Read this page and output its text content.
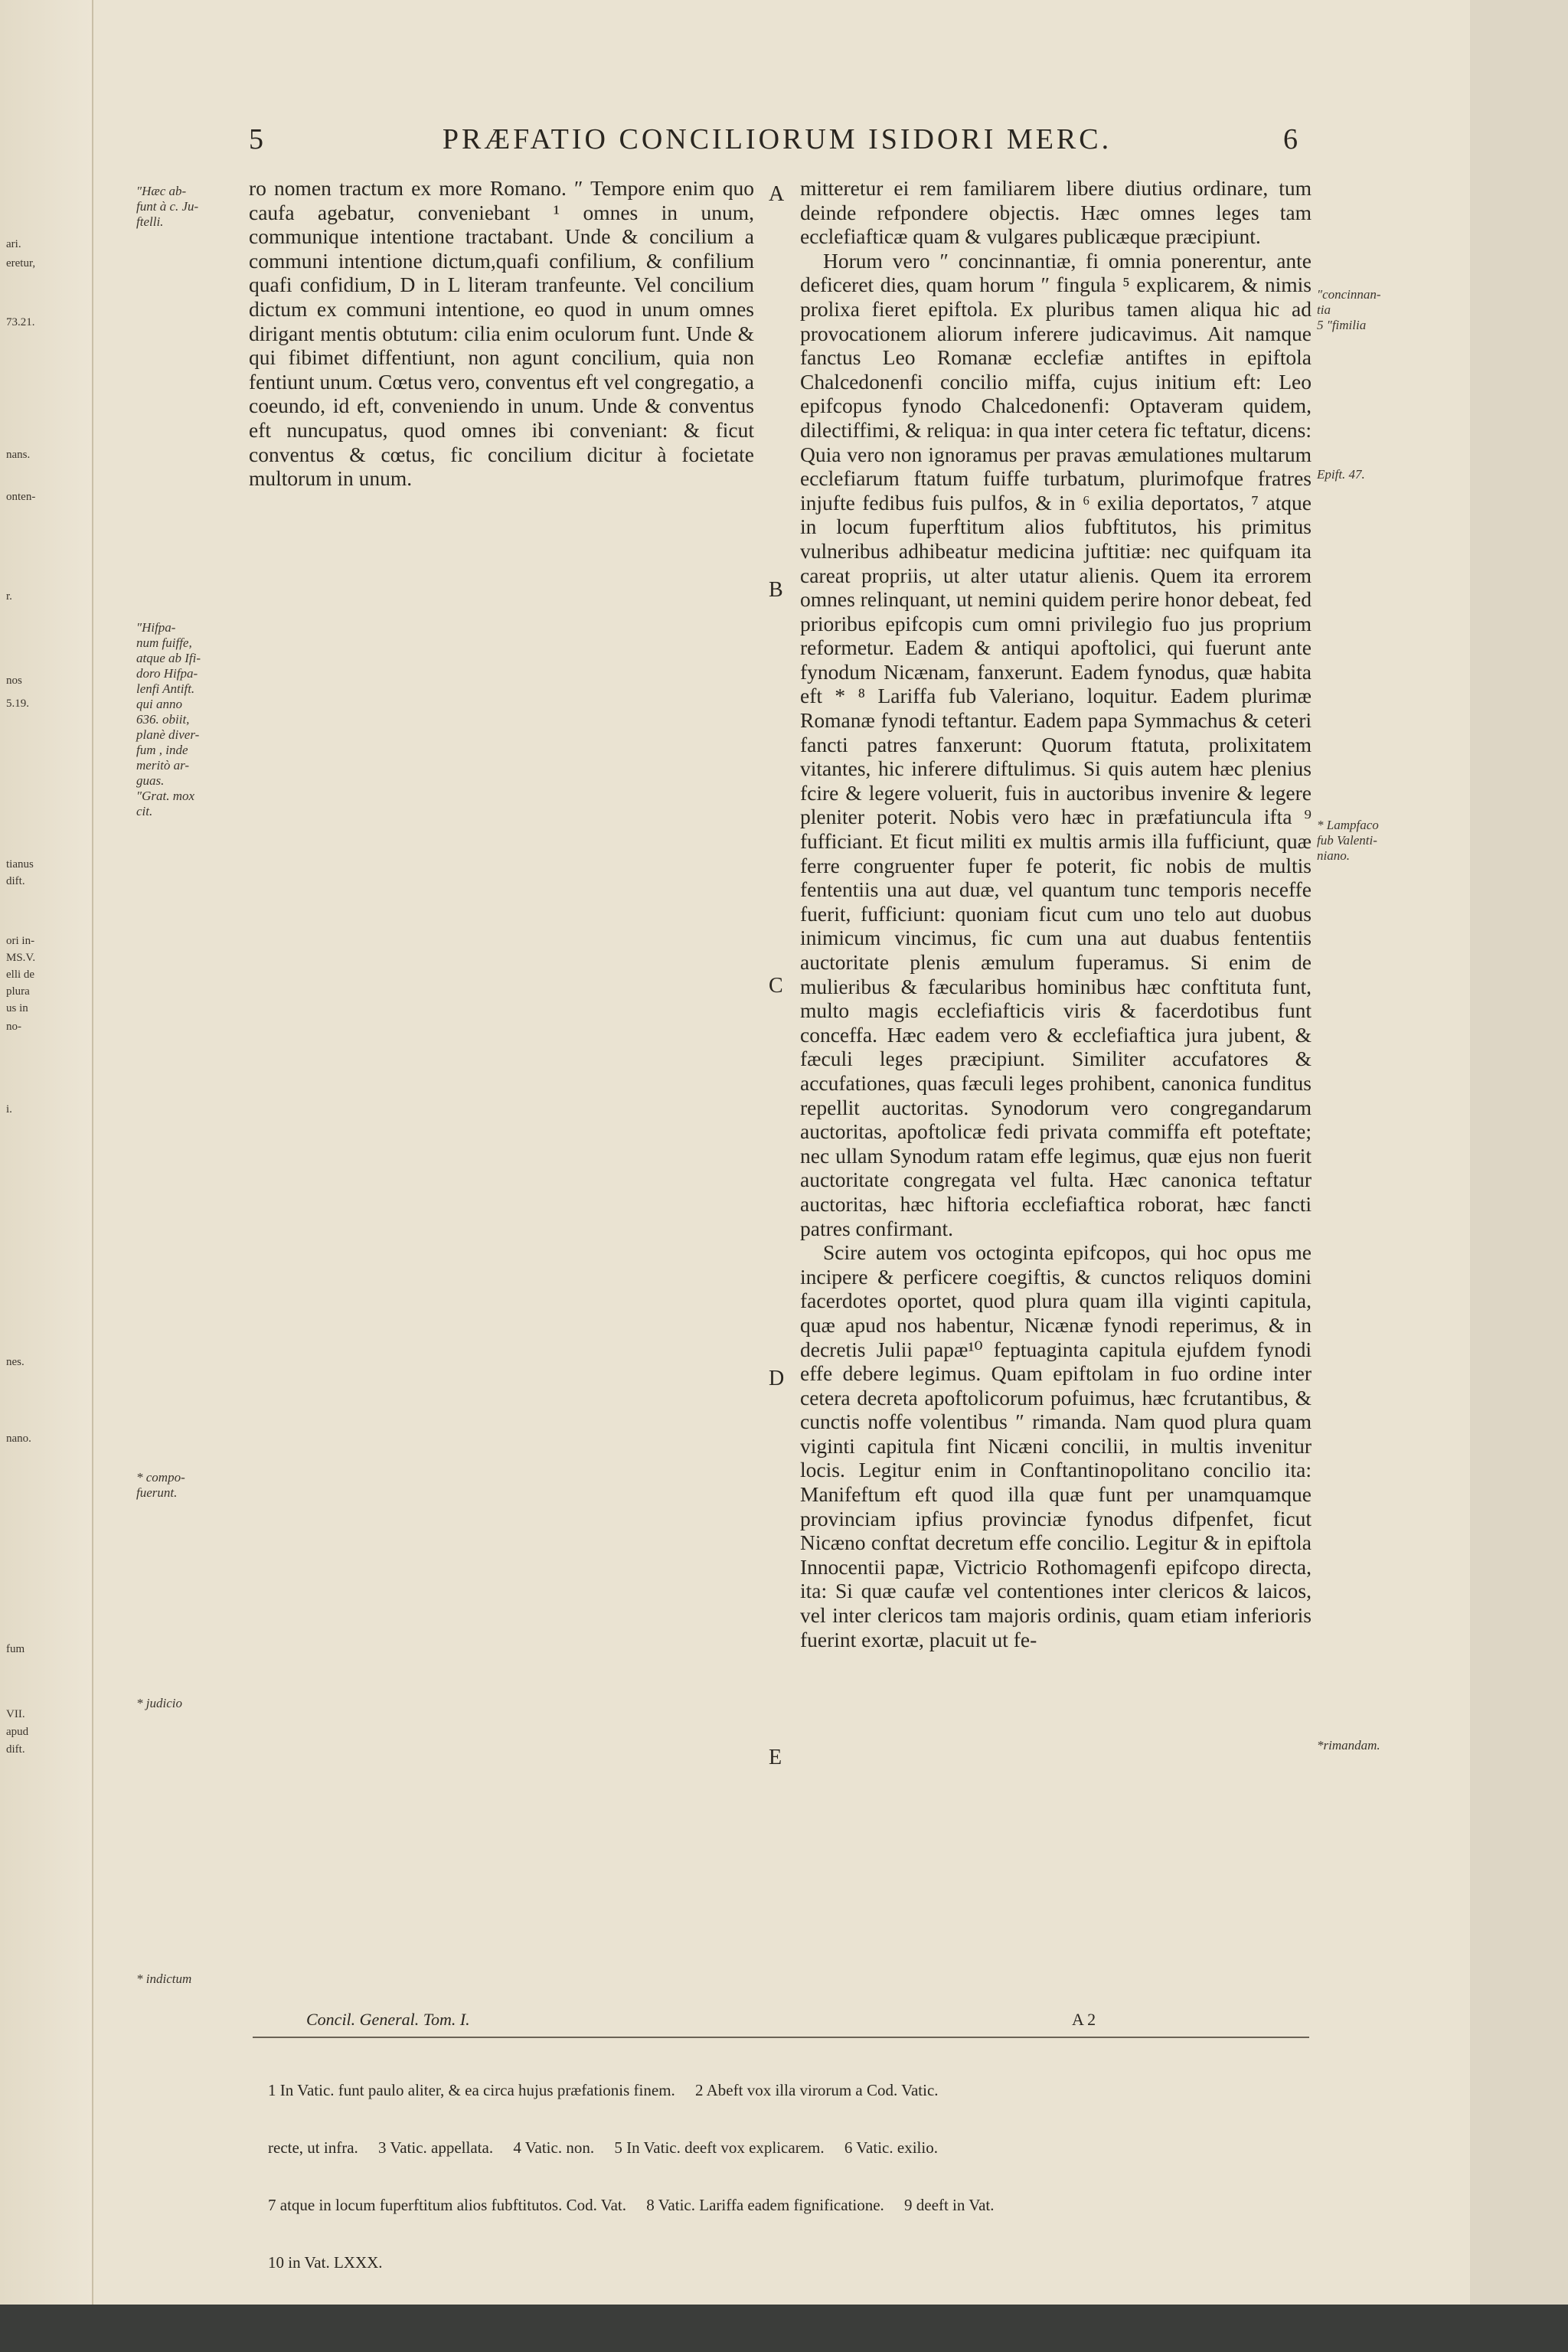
ari.
eretur,
73.21.
nans.
onten-
r.
nos
5.19.
tianus
dift.
ori in-
MS.V.
elli de
plura
us in
no-
i.
nes.
nano.
fum
VII.
apud
dift.
5	PRÆFATIO CONCILIORUM ISIDORI MERC.	6
″Hæc ab-
funt à c. Ju-
ftelli.
″Hifpa-
num fuiffe,
atque ab Ifi-
doro Hifpa-
lenfi Antift.
qui anno
636. obiit,
planè diver-
fum , inde
meritò ar-
guas.
″Grat. mox
cit.
* compo-
fuerunt.
* judicio
* indictum
″concinnan-
tia
5 ″fimilia
Epift. 47.
* Lampfaco
fub Valenti-
niano.
*rimandam.
A
B
C
D
E

ro nomen tractum ex more Romano. ″ Tempore enim quo caufa agebatur, conveniebant ¹ omnes in unum, communique intentione tractabant. Unde & concilium a communi intentione dictum,quafi confilium, & confilium quafi confidium, D in L literam tranfeunte. Vel concilium dictum ex communi intentione, eo quod in unum omnes dirigant mentis obtutum: cilia enim oculorum funt. Unde & qui fibimet diffentiunt, non agunt concilium, quia non fentiunt unum. Cœtus vero, conventus eft vel congregatio, a coeundo, id eft, conveniendo in unum. Unde & conventus eft nuncupatus, quod omnes ibi conveniant: & ficut conventus & cœtus, fic concilium dicitur à focietate multorum in unum.

mitteretur ei rem familiarem libere diutius ordinare, tum deinde refpondere objectis. Hæc omnes leges tam ecclefiafticæ quam & vulgares publicæque præcipiunt.

Horum vero ″ concinnantiæ, fi omnia ponerentur, ante deficeret dies, quam horum ″ fingula ⁵ explicarem, & nimis prolixa fieret epiftola. Ex pluribus tamen aliqua hic ad provocationem aliorum inferere judicavimus. Ait namque fanctus Leo Romanæ ecclefiæ antiftes in epiftola Chalcedonenfi concilio miffa, cujus initium eft: Leo epifcopus fynodo Chalcedonenfi: Optaveram quidem, dilectiffimi, & reliqua: in qua inter cetera fic teftatur, dicens: Quia vero non ignoramus per pravas æmulationes multarum ecclefiarum ftatum fuiffe turbatum, plurimofque fratres injufte fedibus fuis pulfos, & in ⁶ exilia deportatos, ⁷ atque in locum fuperftitum alios fubftitutos, his primitus vulneribus adhibeatur medicina juftitiæ: nec quifquam ita careat propriis, ut alter utatur alienis. Quem ita errorem omnes relinquant, ut nemini quidem perire honor debeat, fed prioribus epifcopis cum omni privilegio fuo jus proprium reformetur. Eadem & antiqui apoftolici, qui fuerunt ante fynodum Nicænam, fanxerunt. Eadem fynodus, quæ habita eft * ⁸ Lariffa fub Valeriano, loquitur. Eadem plurimæ Romanæ fynodi teftantur. Eadem papa Symmachus & ceteri fancti patres fanxerunt: Quorum ftatuta, prolixitatem vitantes, hic inferere diftulimus. Si quis autem hæc plenius fcire & legere voluerit, fuis in auctoribus invenire & legere pleniter poterit. Nobis vero hæc in præfatiuncula ifta ⁹ fufficiant. Et ficut militi ex multis armis illa fufficiunt, quæ ferre congruenter fuper fe poterit, fic nobis de multis fententiis una aut duæ, vel quantum tunc temporis neceffe fuerit, fufficiunt: quoniam ficut cum uno telo aut duobus inimicum vincimus, fic cum una aut duabus fententiis auctoritate plenis æmulum fuperamus. Si enim de mulieribus & fæcularibus hominibus hæc conftituta funt, multo magis ecclefiafticis viris & facerdotibus funt conceffa. Hæc eadem vero & ecclefiaftica jura jubent, & fæculi leges præcipiunt. Similiter accufatores & accufationes, quas fæculi leges prohibent, canonica funditus repellit auctoritas. Synodorum vero congregandarum auctoritas, apoftolicæ fedi privata commiffa eft poteftate; nec ullam Synodum ratam effe legimus, quæ ejus non fuerit auctoritate congregata vel fulta. Hæc canonica teftatur auctoritas, hæc hiftoria ecclefiaftica roborat, hæc fancti patres confirmant.

Scire autem vos octoginta epifcopos, qui hoc opus me incipere & perficere coegiftis, & cunctos reliquos domini facerdotes oportet, quod plura quam illa viginti capitula, quæ apud nos habentur, Nicænæ fynodi reperimus, & in decretis Julii papæ¹⁰ feptuaginta capitula ejufdem fynodi effe debere legimus. Quam epiftolam in fuo ordine inter cetera decreta apoftolicorum pofuimus, hæc fcrutantibus, & cunctis noffe volentibus ″ rimanda. Nam quod plura quam viginti capitula fint Nicæni concilii, in multis invenitur locis. Legitur enim in Conftantinopolitano concilio ita: Manifeftum eft quod illa quæ funt per unamquamque provinciam ipfius provinciæ fynodus difpenfet, ficut Nicæno conftat decretum effe concilio. Legitur & in epiftola Innocentii papæ, Victricio Rothomagenfi epifcopo directa, ita: Si quæ caufæ vel contentiones inter clericos & laicos, vel inter clericos tam majoris ordinis, quam etiam inferioris fuerint exortæ, placuit ut fe-

Concil. General. Tom. I.	A 2

1 In Vatic. funt paulo aliter, & ea circa hujus præfationis finem.     2 Abeft vox illa virorum a Cod. Vatic.

recte, ut infra.     3 Vatic. appellata.     4 Vatic. non.     5 In Vatic. deeft vox explicarem.     6 Vatic. exilio.

7 atque in locum fuperftitum alios fubftitutos. Cod. Vat.     8 Vatic. Lariffa eadem fignificatione.     9 deeft in Vat.

10 in Vat. LXXX.
